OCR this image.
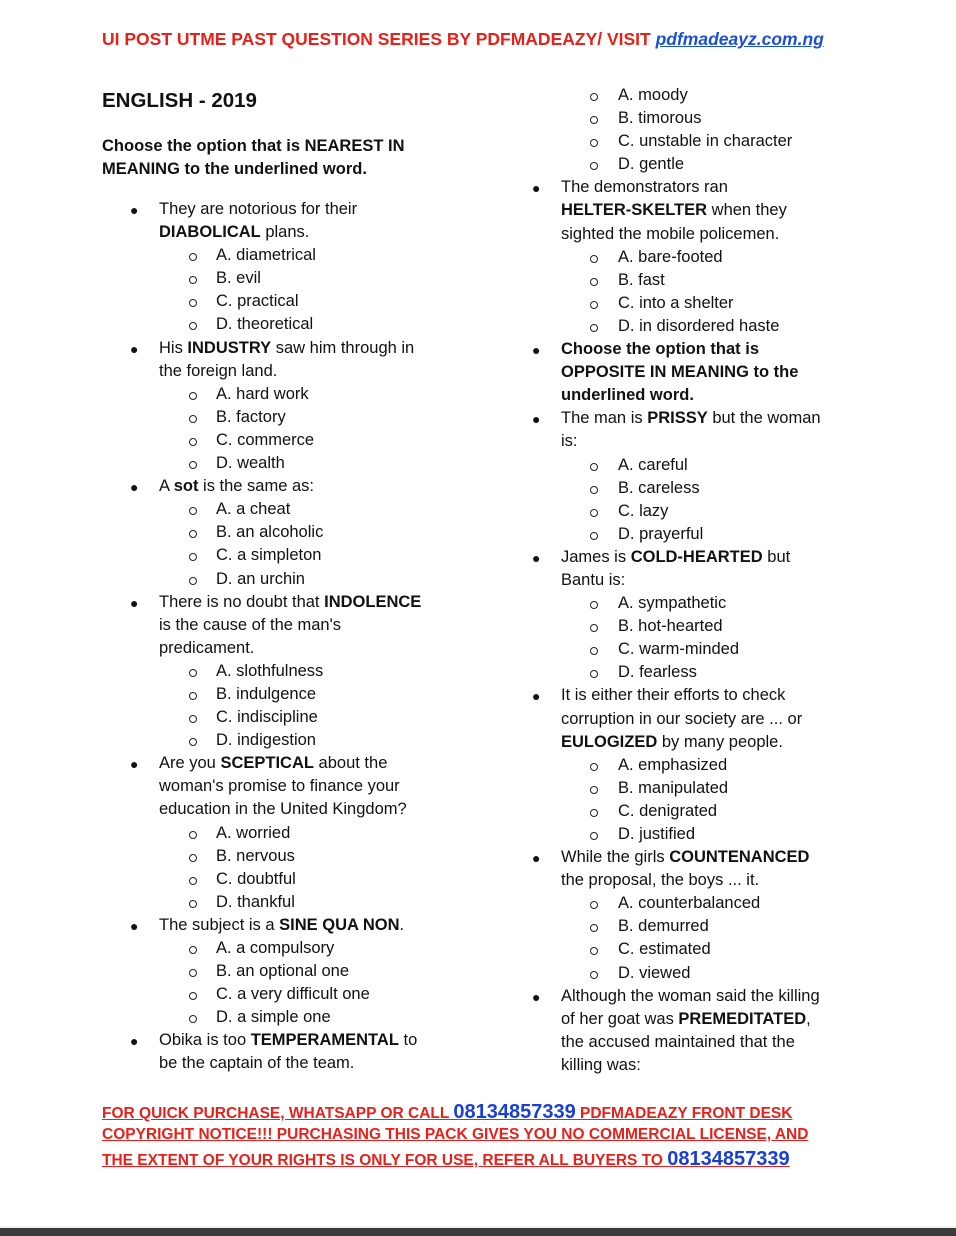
UI POST UTME PAST QUESTION SERIES BY PDFMADEAZY/ VISIT pdfmadeayz.com.ng
ENGLISH - 2019
Choose the option that is NEAREST IN MEANING to the underlined word.
● They are notorious for their
DIABOLICAL plans.
A. diametrical
B. evil
C. practical
D. theoretical
● His INDUSTRY saw him through in
the foreign land.
A. hard work
B. factory
C. commerce
D. wealth
● A sot is the same as:
A. a cheat
B. an alcoholic
C. a simpleton
D. an urchin
● There is no doubt that INDOLENCE
is the cause of the man's
predicament.
A. slothfulness
B. indulgence
C. indiscipline
D. indigestion
● Are you SCEPTICAL about the
woman's promise to finance your
education in the United Kingdom?
A. worried
B. nervous
C. doubtful
D. thankful
● The subject is a SINE QUA NON.
A. a compulsory
B. an optional one
C. a very difficult one
D. a simple one
● Obika is too TEMPERAMENTAL to
be the captain of the team.
A. moody
B. timorous
C. unstable in character
D. gentle
● The demonstrators ran
HELTER-SKELTER when they
sighted the mobile policemen.
A. bare-footed
B. fast
C. into a shelter
D. in disordered haste
● Choose the option that is
OPPOSITE IN MEANING to the
underlined word.
● The man is PRISSY but the woman
is:
A. careful
B. careless
C. lazy
D. prayerful
● James is COLD-HEARTED but
Bantu is:
A. sympathetic
B. hot-hearted
C. warm-minded
D. fearless
● It is either their efforts to check
corruption in our society are ... or
EULOGIZED by many people.
A. emphasized
B. manipulated
C. denigrated
D. justified
● While the girls COUNTENANCED
the proposal, the boys ... it.
A. counterbalanced
B. demurred
C. estimated
D. viewed
● Although the woman said the killing
of her goat was PREMEDITATED,
the accused maintained that the
killing was:
FOR QUICK PURCHASE, WHATSAPP OR CALL 08134857339 PDFMADEAZY FRONT DESK
COPYRIGHT NOTICE!!! PURCHASING THIS PACK GIVES YOU NO COMMERCIAL LICENSE, AND
THE EXTENT OF YOUR RIGHTS IS ONLY FOR USE, REFER ALL BUYERS TO 08134857339
